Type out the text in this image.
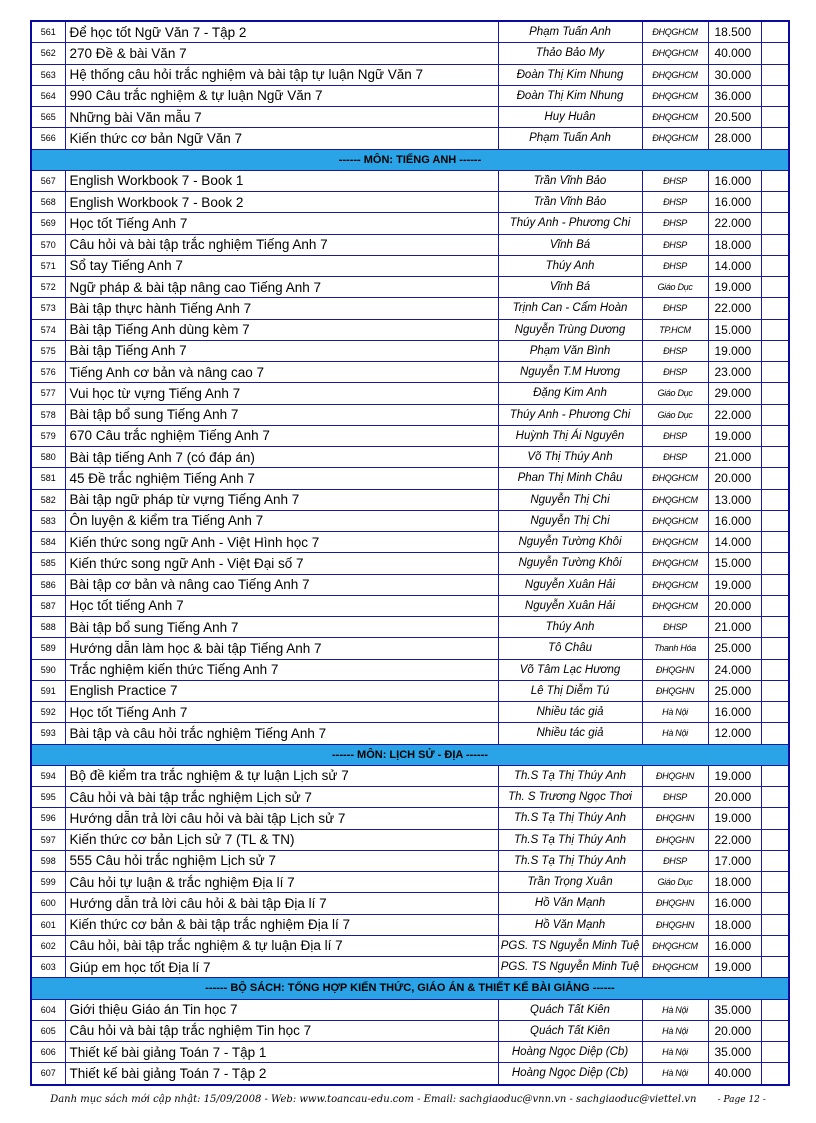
561	Để học tốt Ngữ Văn 7 - Tập 2	Phạm Tuấn Anh	ĐHQGHCM	18.500	
562	270 Đề & bài Văn 7	Thảo Bảo My	ĐHQGHCM	40.000	
563	Hệ thống câu hỏi trắc nghiệm và bài tập tự luận Ngữ Văn 7	Đoàn Thị Kim Nhung	ĐHQGHCM	30.000	
564	990 Câu trắc nghiệm & tự luận Ngữ Văn 7	Đoàn Thị Kim Nhung	ĐHQGHCM	36.000	
565	Những bài Văn mẫu 7	Huy Huân	ĐHQGHCM	20.500	
566	Kiến thức cơ bản Ngữ Văn 7	Phạm Tuấn Anh	ĐHQGHCM	28.000	
------ MÔN: TIẾNG ANH ------					
567	English Workbook 7 - Book 1	Trần Vĩnh Bảo	ĐHSP	16.000	
568	English Workbook 7 - Book 2	Trần Vĩnh Bảo	ĐHSP	16.000	
569	Học tốt Tiếng Anh 7	Thúy Anh - Phương Chi	ĐHSP	22.000	
570	Câu hỏi và bài tập trắc nghiệm Tiếng Anh 7	Vĩnh Bá	ĐHSP	18.000	
571	Sổ tay Tiếng Anh 7	Thúy Anh	ĐHSP	14.000	
572	Ngữ pháp & bài tập nâng cao Tiếng Anh 7	Vĩnh Bá	Giáo Dục	19.000	
573	Bài tập thực hành Tiếng Anh 7	Trịnh Can - Cẩm Hoàn	ĐHSP	22.000	
574	Bài tập Tiếng Anh dùng kèm 7	Nguyễn Trùng Dương	TP.HCM	15.000	
575	Bài tập Tiếng Anh 7	Phạm Văn Bình	ĐHSP	19.000	
576	Tiếng Anh cơ bản và nâng cao 7	Nguyễn T.M Hương	ĐHSP	23.000	
577	Vui học từ vựng Tiếng Anh 7	Đặng Kim Anh	Giáo Dục	29.000	
578	Bài tập bổ sung Tiếng Anh 7	Thúy Anh - Phương Chi	Giáo Dục	22.000	
579	670 Câu trắc nghiệm Tiếng Anh 7	Huỳnh Thị Ái Nguyên	ĐHSP	19.000	
580	Bài tập tiếng Anh 7 (có đáp án)	Võ Thị Thúy Anh	ĐHSP	21.000	
581	45 Đề trắc nghiệm Tiếng Anh 7	Phan Thị Minh Châu	ĐHQGHCM	20.000	
582	Bài tập ngữ pháp từ vựng Tiếng Anh 7	Nguyễn Thị Chi	ĐHQGHCM	13.000	
583	Ôn luyện & kiểm tra Tiếng Anh 7	Nguyễn Thị Chi	ĐHQGHCM	16.000	
584	Kiến thức song ngữ Anh - Việt Hình học 7	Nguyễn Tường Khôi	ĐHQGHCM	14.000	
585	Kiến thức song ngữ Anh - Việt Đại số 7	Nguyễn Tường Khôi	ĐHQGHCM	15.000	
586	Bài tập cơ bản và nâng cao Tiếng Anh 7	Nguyễn Xuân Hải	ĐHQGHCM	19.000	
587	Học tốt tiếng Anh 7	Nguyễn Xuân Hải	ĐHQGHCM	20.000	
588	Bài tập bổ sung Tiếng Anh 7	Thúy Anh	ĐHSP	21.000	
589	Hướng dẫn làm học & bài tập Tiếng Anh 7	Tô Châu	Thanh Hóa	25.000	
590	Trắc nghiệm kiến thức Tiếng Anh 7	Võ Tâm Lạc Hương	ĐHQGHN	24.000	
591	English Practice 7	Lê Thị Diễm Tú	ĐHQGHN	25.000	
592	Học tốt Tiếng Anh 7	Nhiều tác giả	Hà Nội	16.000	
593	Bài tập và câu hỏi trắc nghiệm Tiếng Anh 7	Nhiều tác giả	Hà Nội	12.000	
------ MÔN: LỊCH SỬ - ĐỊA ------					
594	Bộ đề kiểm tra trắc nghiệm & tự luận Lịch sử 7	Th.S Tạ Thị Thúy Anh	ĐHQGHN	19.000	
595	Câu hỏi và bài tập trắc nghiệm Lịch sử 7	Th. S Trương Ngọc Thơi	ĐHSP	20.000	
596	Hướng dẫn trả lời câu hỏi và bài tập Lịch sử 7	Th.S Tạ Thị Thúy Anh	ĐHQGHN	19.000	
597	Kiến thức cơ bản Lịch sử 7 (TL & TN)	Th.S Tạ Thị Thúy Anh	ĐHQGHN	22.000	
598	555 Câu hỏi trắc nghiệm Lịch sử 7	Th.S Tạ Thị Thúy Anh	ĐHSP	17.000	
599	Câu hỏi tự luận & trắc nghiệm Địa lí 7	Trần Trọng Xuân	Giáo Dục	18.000	
600	Hướng dẫn trả lời câu hỏi & bài tập Địa lí 7	Hồ Văn Mạnh	ĐHQGHN	16.000	
601	Kiến thức cơ bản & bài tập trắc nghiệm Địa lí 7	Hồ Văn Mạnh	ĐHQGHN	18.000	
602	Câu hỏi, bài tập trắc nghiệm & tự luận Địa lí 7	PGS. TS Nguyễn Minh Tuệ	ĐHQGHCM	16.000	
603	Giúp em học tốt Địa lí 7	PGS. TS Nguyễn Minh Tuệ	ĐHQGHCM	19.000	
------ BỘ SÁCH: TỔNG HỢP KIẾN THỨC, GIÁO ÁN & THIẾT KẾ BÀI GIẢNG ------					
604	Giới thiệu Giáo án Tin học 7	Quách Tất Kiên	Hà Nội	35.000	
605	Câu hỏi và bài tập trắc nghiệm Tin học 7	Quách Tất Kiên	Hà Nội	20.000	
606	Thiết kế bài giảng Toán 7 - Tập 1	Hoàng Ngọc Diệp (Cb)	Hà Nội	35.000	
607	Thiết kế bài giảng Toán 7 - Tập 2	Hoàng Ngọc Diệp (Cb)	Hà Nội	40.000	
Danh mục sách mới cập nhật: 15/09/2008 - Web: www.toancau-edu.com - Email: sachgiaoduc@vnn.vn - sachgiaoduc@viettel.vn - Page 12 -
